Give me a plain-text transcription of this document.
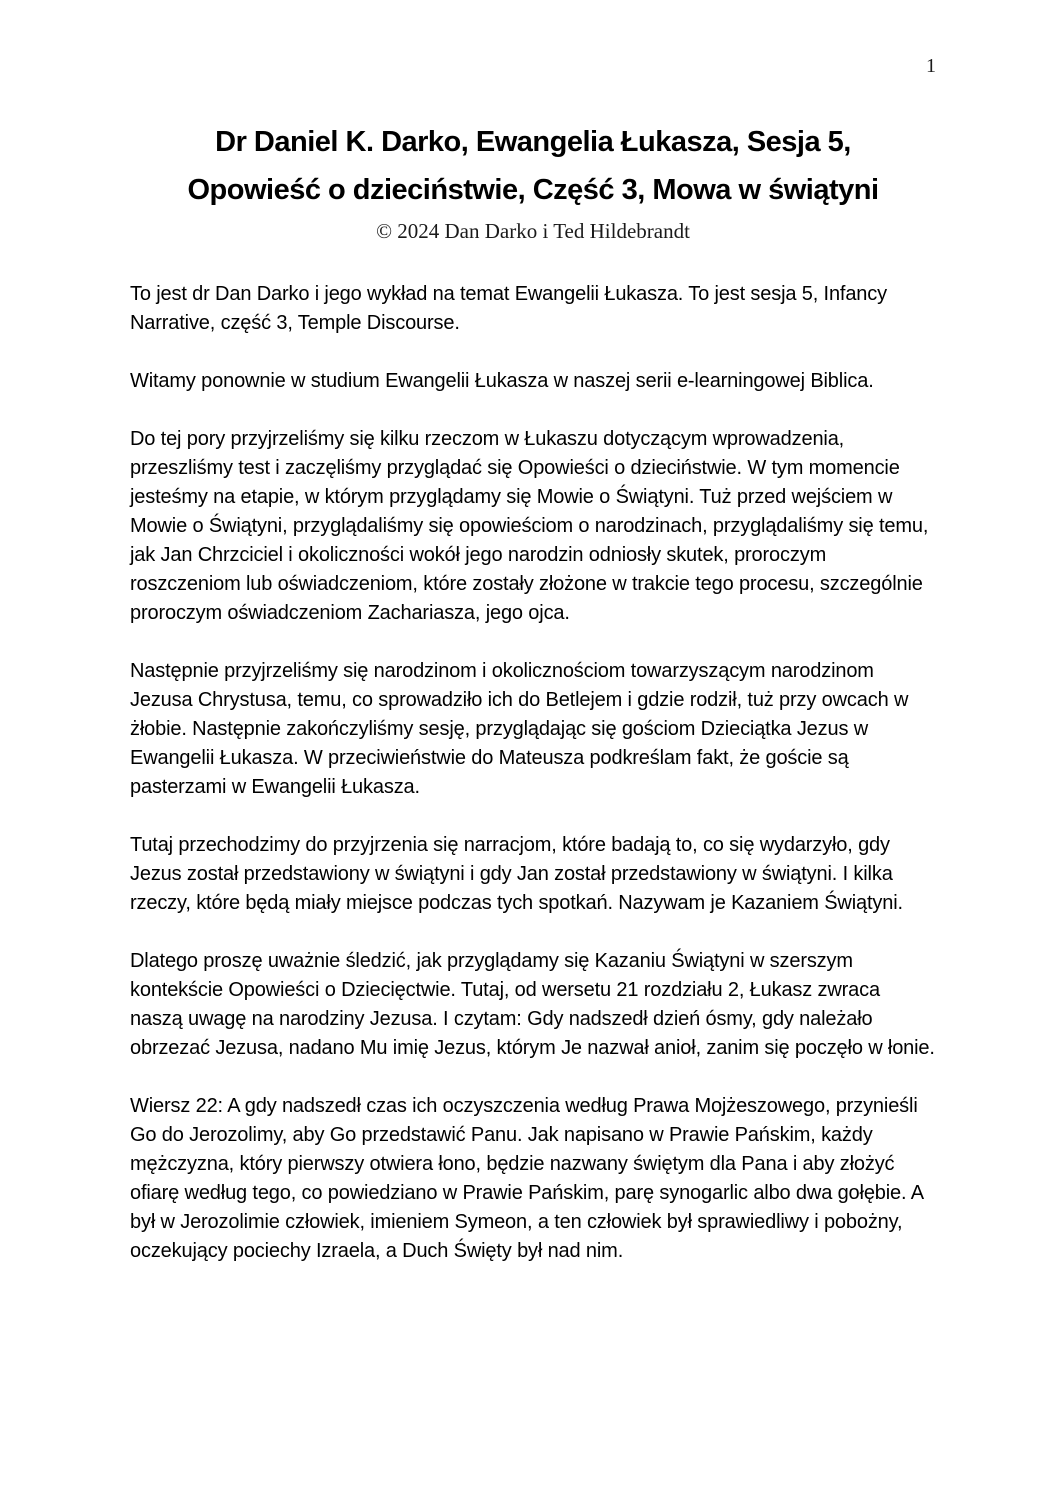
1
Dr Daniel K. Darko, Ewangelia Łukasza, Sesja 5,
Opowieść o dzieciństwie, Część 3, Mowa w świątyni
© 2024 Dan Darko i Ted Hildebrandt

To jest dr Dan Darko i jego wykład na temat Ewangelii Łukasza. To jest sesja 5, Infancy Narrative, część 3, Temple Discourse.

Witamy ponownie w studium Ewangelii Łukasza w naszej serii e-learningowej Biblica.

Do tej pory przyjrzeliśmy się kilku rzeczom w Łukaszu dotyczącym wprowadzenia, przeszliśmy test i zaczęliśmy przyglądać się Opowieści o dzieciństwie. W tym momencie jesteśmy na etapie, w którym przyglądamy się Mowie o Świątyni. Tuż przed wejściem w Mowie o Świątyni, przyglądaliśmy się opowieściom o narodzinach, przyglądaliśmy się temu, jak Jan Chrzciciel i okoliczności wokół jego narodzin odniosły skutek, proroczym roszczeniom lub oświadczeniom, które zostały złożone w trakcie tego procesu, szczególnie proroczym oświadczeniom Zachariasza, jego ojca.

Następnie przyjrzeliśmy się narodzinom i okolicznościom towarzyszącym narodzinom Jezusa Chrystusa, temu, co sprowadziło ich do Betlejem i gdzie rodził, tuż przy owcach w żłobie. Następnie zakończyliśmy sesję, przyglądając się gościom Dzieciątka Jezus w Ewangelii Łukasza. W przeciwieństwie do Mateusza podkreślam fakt, że goście są pasterzami w Ewangelii Łukasza.

Tutaj przechodzimy do przyjrzenia się narracjom, które badają to, co się wydarzyło, gdy Jezus został przedstawiony w świątyni i gdy Jan został przedstawiony w świątyni. I kilka rzeczy, które będą miały miejsce podczas tych spotkań. Nazywam je Kazaniem Świątyni.

Dlatego proszę uważnie śledzić, jak przyglądamy się Kazaniu Świątyni w szerszym kontekście Opowieści o Dziecięctwie. Tutaj, od wersetu 21 rozdziału 2, Łukasz zwraca naszą uwagę na narodziny Jezusa. I czytam: Gdy nadszedł dzień ósmy, gdy należało obrzezać Jezusa, nadano Mu imię Jezus, którym Je nazwał anioł, zanim się poczęło w łonie.

Wiersz 22: A gdy nadszedł czas ich oczyszczenia według Prawa Mojżeszowego, przynieśli Go do Jerozolimy, aby Go przedstawić Panu. Jak napisano w Prawie Pańskim, każdy mężczyzna, który pierwszy otwiera łono, będzie nazwany świętym dla Pana i aby złożyć ofiarę według tego, co powiedziano w Prawie Pańskim, parę synogarlic albo dwa gołębie. A był w Jerozolimie człowiek, imieniem Symeon, a ten człowiek był sprawiedliwy i pobożny, oczekujący pociechy Izraela, a Duch Święty był nad nim.
